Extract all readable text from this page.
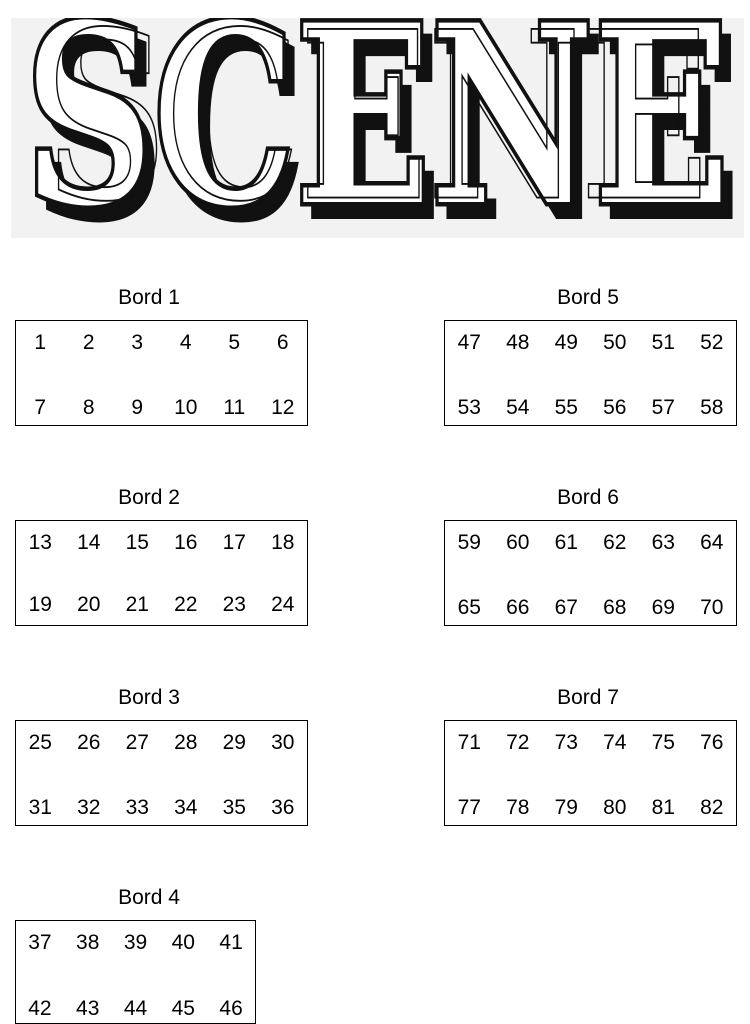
SCENE
SCENE
SCENE
Bord 1
1	2	3	4	5	6
7	8	9	10	11	12
Bord 2
13	14	15	16	17	18
19	20	21	22	23	24
Bord 3
25	26	27	28	29	30
31	32	33	34	35	36
Bord 4
37	38	39	40	41
42	43	44	45	46
Bord 5
47	48	49	50	51	52
53	54	55	56	57	58
Bord 6
59	60	61	62	63	64
65	66	67	68	69	70
Bord 7
71	72	73	74	75	76
77	78	79	80	81	82
